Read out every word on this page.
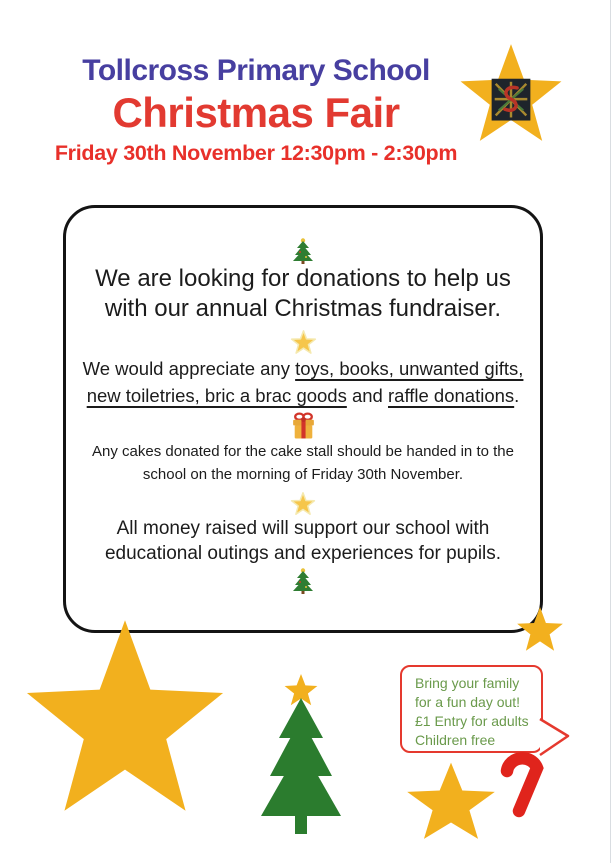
Tollcross Primary School
Christmas Fair
Friday 30th November 12:30pm - 2:30pm

We are looking for donations to help us
with our annual Christmas fundraiser.

We would appreciate any toys, books, unwanted gifts,
new toiletries, bric a brac goods and raffle donations.

Any cakes donated for the cake stall should be handed in to the
school on the morning of Friday 30th November.

All money raised will support our school with
educational outings and experiences for pupils.

Bring your family
for a fun day out!
£1 Entry for adults
Children free
